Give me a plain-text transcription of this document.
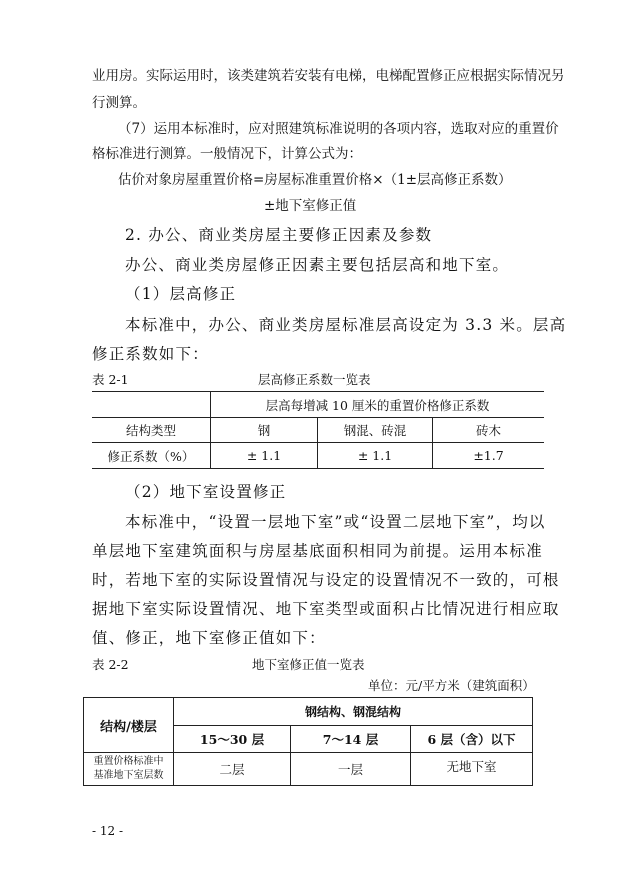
业用房。实际运用时，该类建筑若安装有电梯，电梯配置修正应根据实际情况另
行测算。
（7）运用本标准时，应对照建筑标准说明的各项内容，选取对应的重置价
格标准进行测算。一般情况下，计算公式为：
估价对象房屋重置价格=房屋标准重置价格×（1±层高修正系数）
±地下室修正值
2. 办公、商业类房屋主要修正因素及参数
办公、商业类房屋修正因素主要包括层高和地下室。
（1）层高修正
本标准中，办公、商业类房屋标准层高设定为 3.3 米。层高
修正系数如下：
表 2-1	层高修正系数一览表
	层高每增减 10 厘米的重置价格修正系数		
结构类型	钢	钢混、砖混	砖木
修正系数（%）	± 1.1	± 1.1	±1.7
（2）地下室设置修正
本标准中，“设置一层地下室”或“设置二层地下室”，均以
单层地下室建筑面积与房屋基底面积相同为前提。运用本标准
时，若地下室的实际设置情况与设定的设置情况不一致的，可根
据地下室实际设置情况、地下室类型或面积占比情况进行相应取
值、修正，地下室修正值如下：
表 2-2	地下室修正值一览表
单位：元/平方米（建筑面积）
结构/楼层	钢结构、钢混结构		
	15～30 层	7～14 层	6 层（含）以下

重置价格标准中
基准地下室层数	二层	一层	无地下室
- 12 -
